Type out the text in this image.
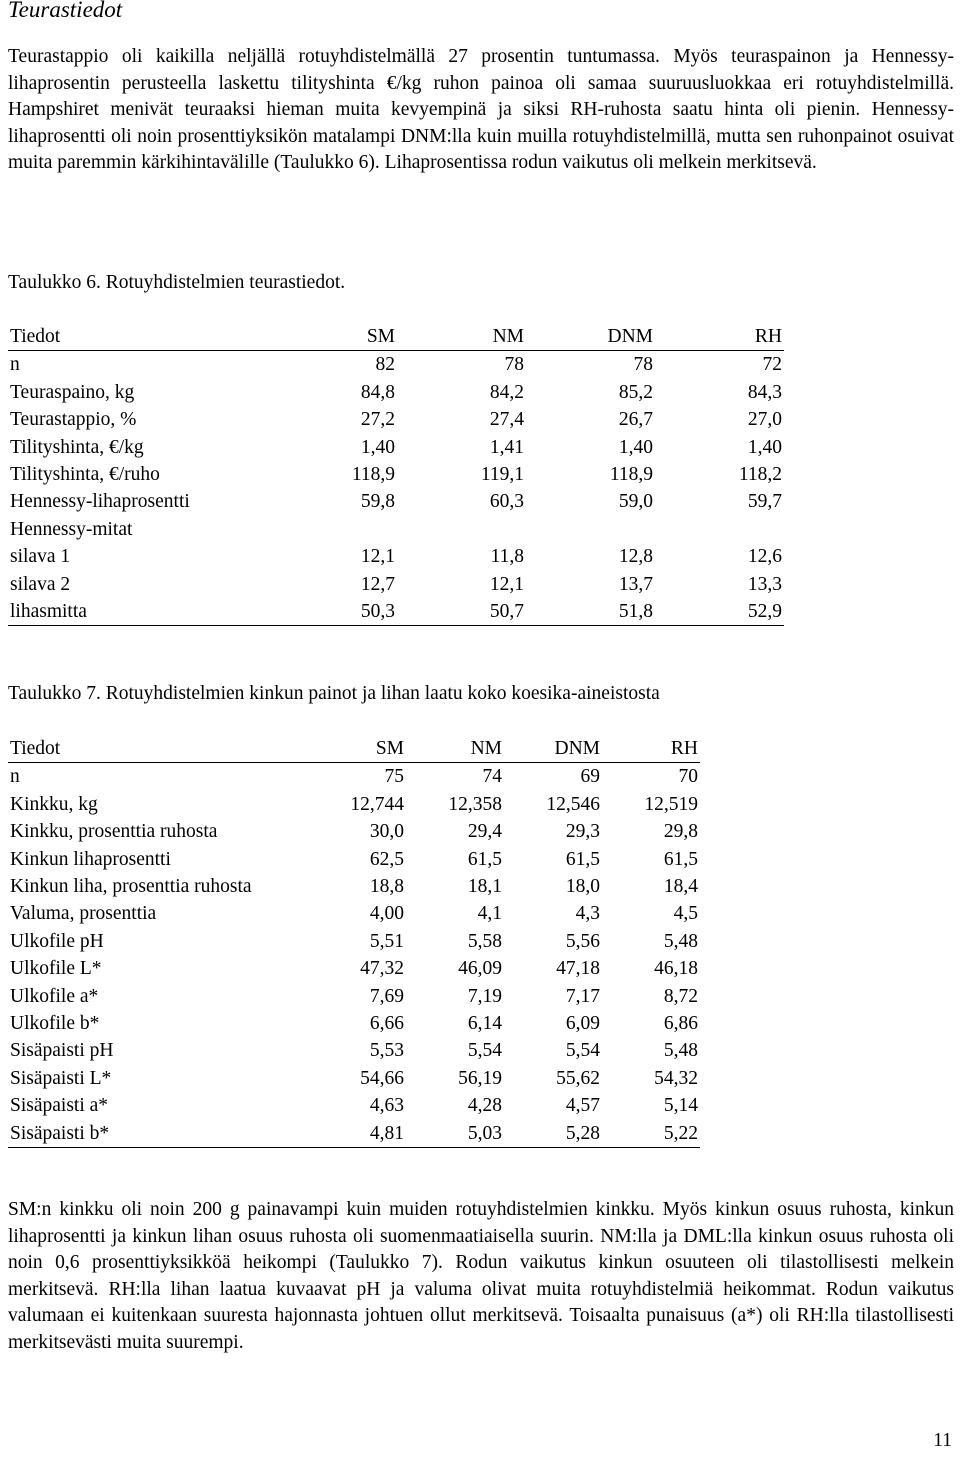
Teurastiedot
Teurastappio oli kaikilla neljällä rotuyhdistelmällä 27 prosentin tuntumassa. Myös teuraspainon ja Hennessy-lihaprosentin perusteella laskettu tilityshinta €/kg ruhon painoa oli samaa suuruusluokkaa eri rotuyhdistelmillä. Hampshiret menivät teuraaksi hieman muita kevyempinä ja siksi RH-ruhosta saatu hinta oli pienin. Hennessy-lihaprosentti oli noin prosenttiyksikön matalampi DNM:lla kuin muilla rotuyhdistelmillä, mutta sen ruhonpainot osuivat muita paremmin kärkihintavälille (Taulukko 6). Lihaprosentissa rodun vaikutus oli melkein merkitsevä.
Taulukko 6. Rotuyhdistelmien teurastiedot.
Tiedot	SM	NM	DNM	RH
n	82	78	78	72
Teuraspaino, kg	84,8	84,2	85,2	84,3
Teurastappio, %	27,2	27,4	26,7	27,0
Tilityshinta, €/kg	1,40	1,41	1,40	1,40
Tilityshinta, €/ruho	118,9	119,1	118,9	118,2
Hennessy-lihaprosentti	59,8	60,3	59,0	59,7
Hennessy-mitat				
silava 1	12,1	11,8	12,8	12,6
silava 2	12,7	12,1	13,7	13,3
lihasmitta	50,3	50,7	51,8	52,9
Taulukko 7. Rotuyhdistelmien kinkun painot ja lihan laatu koko koesika-aineistosta
Tiedot	SM	NM	DNM	RH
n	75	74	69	70
Kinkku, kg	12,744	12,358	12,546	12,519
Kinkku, prosenttia ruhosta	30,0	29,4	29,3	29,8
Kinkun lihaprosentti	62,5	61,5	61,5	61,5
Kinkun liha, prosenttia ruhosta	18,8	18,1	18,0	18,4
Valuma, prosenttia	4,00	4,1	4,3	4,5
Ulkofile pH	5,51	5,58	5,56	5,48
Ulkofile L*	47,32	46,09	47,18	46,18
Ulkofile a*	7,69	7,19	7,17	8,72
Ulkofile b*	6,66	6,14	6,09	6,86
Sisäpaisti pH	5,53	5,54	5,54	5,48
Sisäpaisti L*	54,66	56,19	55,62	54,32
Sisäpaisti a*	4,63	4,28	4,57	5,14
Sisäpaisti b*	4,81	5,03	5,28	5,22
SM:n kinkku oli noin 200 g painavampi kuin muiden rotuyhdistelmien kinkku. Myös kinkun osuus ruhosta, kinkun lihaprosentti ja kinkun lihan osuus ruhosta oli suomenmaatiaisella suurin. NM:lla ja DML:lla kinkun osuus ruhosta oli noin 0,6 prosenttiyksikköä heikompi (Taulukko 7). Rodun vaikutus kinkun osuuteen oli tilastollisesti melkein merkitsevä. RH:lla lihan laatua kuvaavat pH ja valuma olivat muita rotuyhdistelmiä heikommat. Rodun vaikutus valumaan ei kuitenkaan suuresta hajonnasta johtuen ollut merkitsevä. Toisaalta punaisuus (a*) oli RH:lla tilastollisesti merkitsevästi muita suurempi.
11
